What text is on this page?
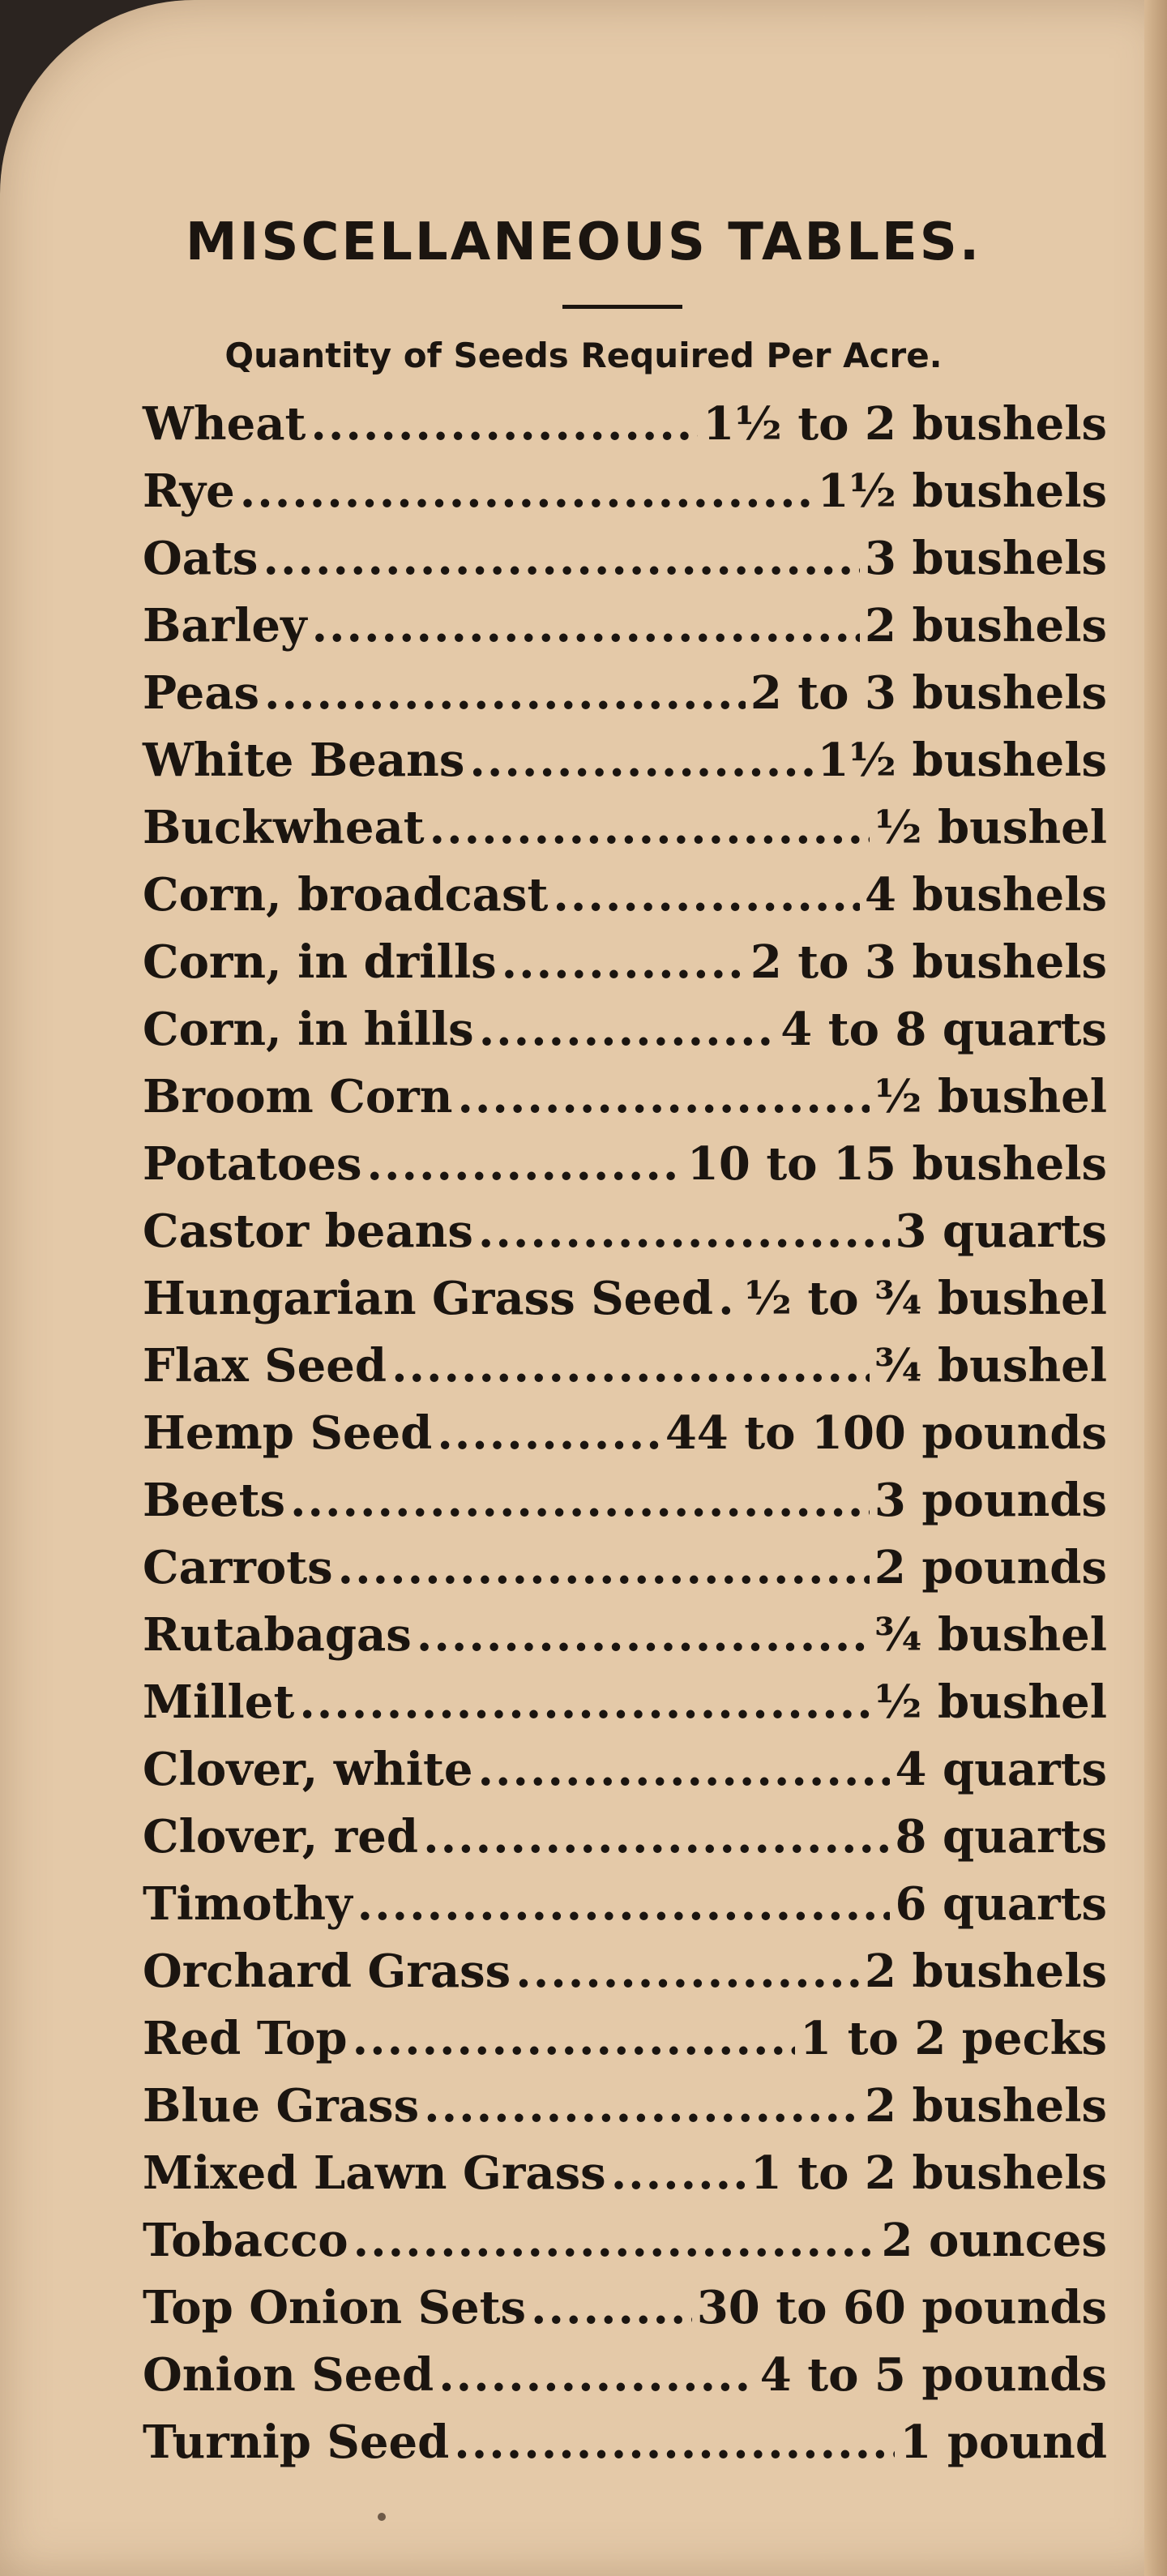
MISCELLANEOUS TABLES.
Quantity of Seeds Required Per Acre.
Wheat .....	1½ to 2 bushels
Rye .....	1½ bushels
Oats .....	3 bushels
Barley .....	2 bushels
Peas .....	2 to 3 bushels
White Beans .....	1½ bushels
Buckwheat .....	½ bushel
Corn, broadcast .....	4 bushels
Corn, in drills .....	2 to 3 bushels
Corn, in hills .....	4 to 8 quarts
Broom Corn .....	½ bushel
Potatoes .....	10 to 15 bushels
Castor beans .....	3 quarts
Hungarian Grass Seed ..... ½ to ¾ bushel
Flax Seed .....	¾ bushel
Hemp Seed .....	44 to 100 pounds
Beets .....	3 pounds
Carrots .....	2 pounds
Rutabagas .....	¾ bushel
Millet .....	½ bushel
Clover, white .....	4 quarts
Clover, red .....	8 quarts
Timothy .....	6 quarts
Orchard Grass .....	2 bushels
Red Top .....	1 to 2 pecks
Blue Grass .....	2 bushels
Mixed Lawn Grass .....	1 to 2 bushels
Tobacco .....	2 ounces
Top Onion Sets .....	30 to 60 pounds
Onion Seed .....	4 to 5 pounds
Turnip Seed .....	1 pound
